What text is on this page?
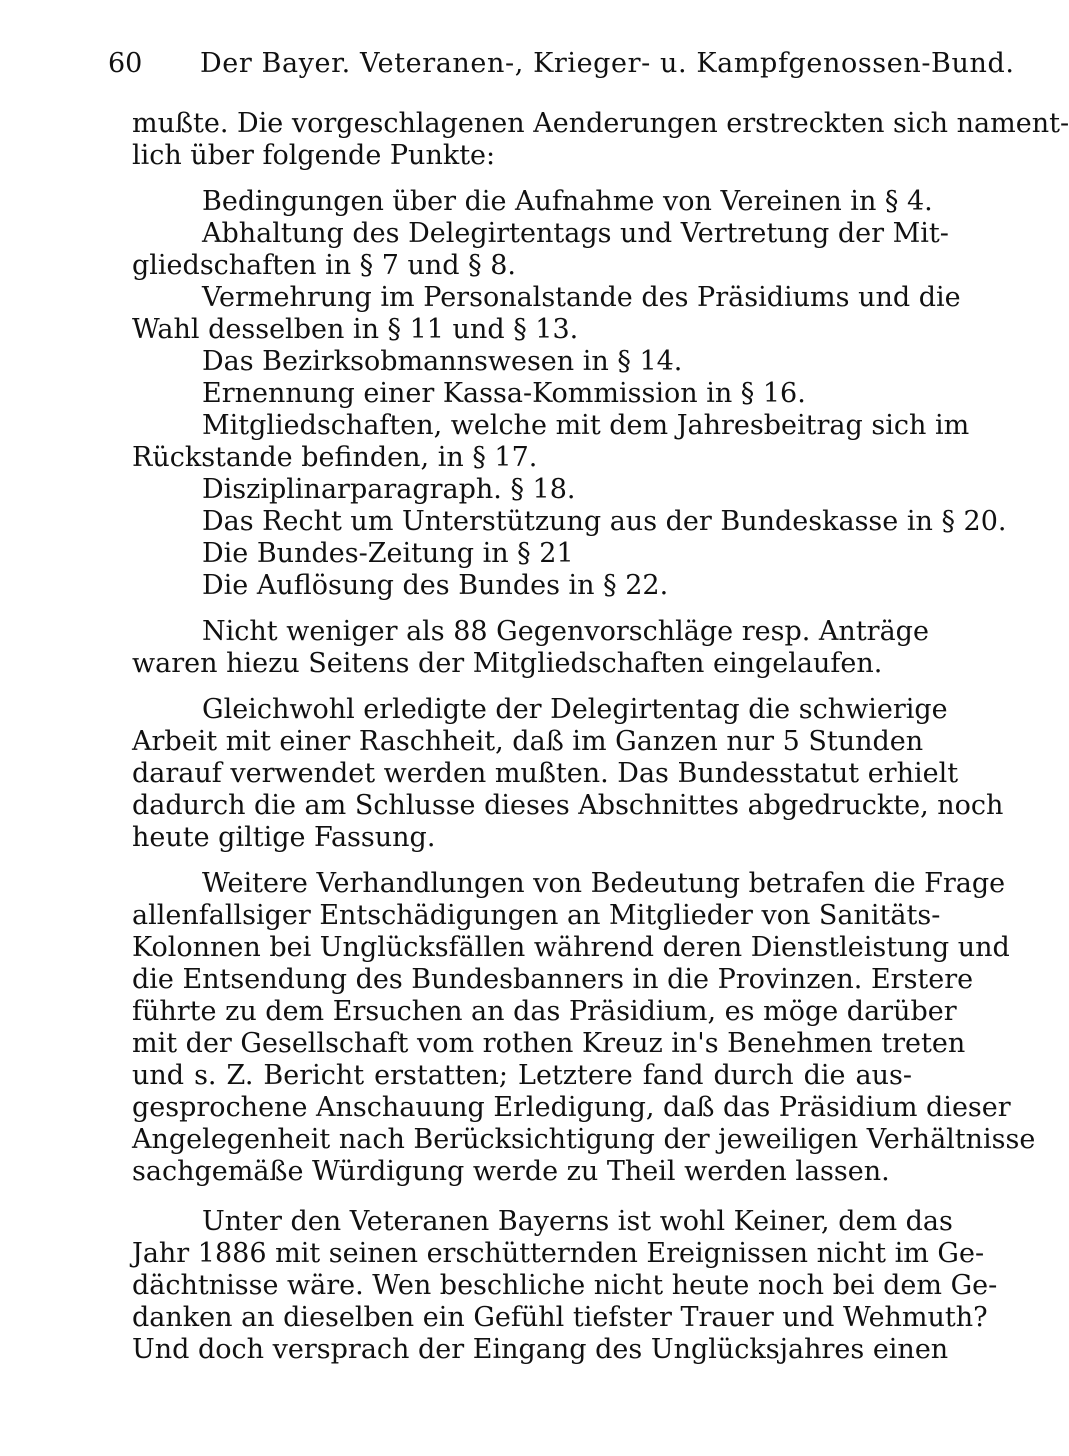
60 Der Bayer. Veteranen-, Krieger- u. Kampfgenossen-Bund.
mußte. Die vorgeschlagenen Aenderungen erstreckten sich nament-
lich über folgende Punkte:
Bedingungen über die Aufnahme von Vereinen in § 4.
Abhaltung des Delegirtentags und Vertretung der Mit-
gliedschaften in § 7 und § 8.
Vermehrung im Personalstande des Präsidiums und die
Wahl desselben in § 11 und § 13.
Das Bezirksobmannswesen in § 14.
Ernennung einer Kassa-Kommission in § 16.
Mitgliedschaften, welche mit dem Jahresbeitrag sich im
Rückstande befinden, in § 17.
Disziplinarparagraph. § 18.
Das Recht um Unterstützung aus der Bundeskasse in § 20.
Die Bundes-Zeitung in § 21
Die Auflösung des Bundes in § 22.
Nicht weniger als 88 Gegenvorschläge resp. Anträge
waren hiezu Seitens der Mitgliedschaften eingelaufen.
Gleichwohl erledigte der Delegirtentag die schwierige
Arbeit mit einer Raschheit, daß im Ganzen nur 5 Stunden
darauf verwendet werden mußten. Das Bundesstatut erhielt
dadurch die am Schlusse dieses Abschnittes abgedruckte, noch
heute giltige Fassung.
Weitere Verhandlungen von Bedeutung betrafen die Frage
allenfallsiger Entschädigungen an Mitglieder von Sanitäts-
Kolonnen bei Unglücksfällen während deren Dienstleistung und
die Entsendung des Bundesbanners in die Provinzen. Erstere
führte zu dem Ersuchen an das Präsidium, es möge darüber
mit der Gesellschaft vom rothen Kreuz in's Benehmen treten
und s. Z. Bericht erstatten; Letztere fand durch die aus-
gesprochene Anschauung Erledigung, daß das Präsidium dieser
Angelegenheit nach Berücksichtigung der jeweiligen Verhältnisse
sachgemäße Würdigung werde zu Theil werden lassen.
Unter den Veteranen Bayerns ist wohl Keiner, dem das
Jahr 1886 mit seinen erschütternden Ereignissen nicht im Ge-
dächtnisse wäre. Wen beschliche nicht heute noch bei dem Ge-
danken an dieselben ein Gefühl tiefster Trauer und Wehmuth?
Und doch versprach der Eingang des Unglücksjahres einen
